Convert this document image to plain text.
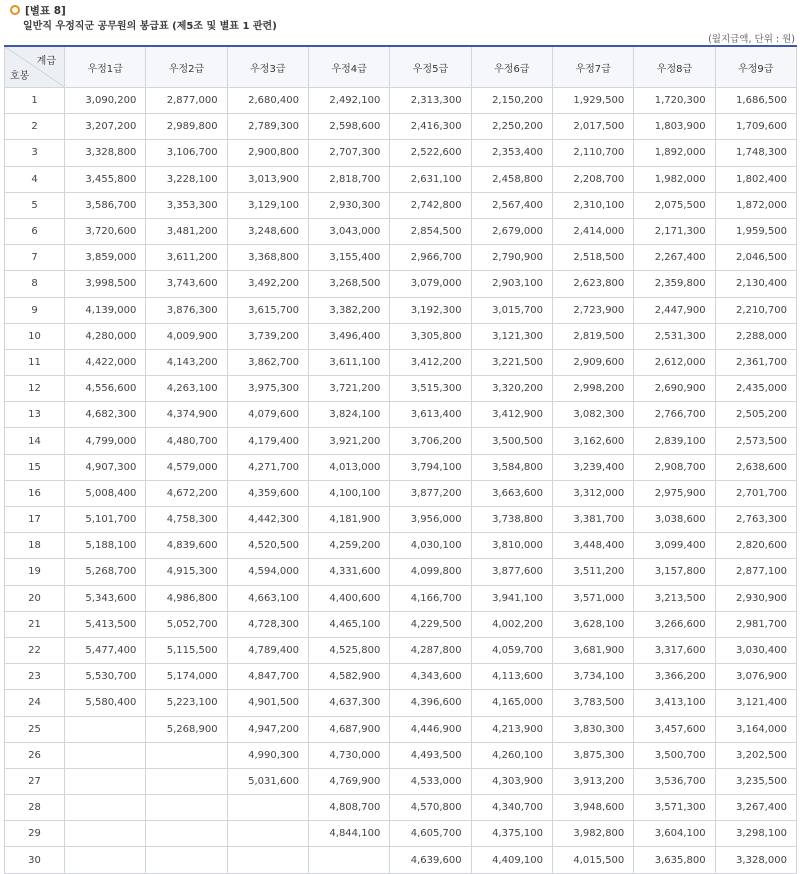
[별표 8]
일반직 우정직군 공무원의 봉급표 (제5조 및 별표 1 관련)
(월지급액, 단위 : 원)
계급
호봉	우정1급	우정2급	우정3급	우정4급	우정5급	우정6급	우정7급	우정8급	우정9급
1	3,090,200	2,877,000	2,680,400	2,492,100	2,313,300	2,150,200	1,929,500	1,720,300	1,686,500
2	3,207,200	2,989,800	2,789,300	2,598,600	2,416,300	2,250,200	2,017,500	1,803,900	1,709,600
3	3,328,800	3,106,700	2,900,800	2,707,300	2,522,600	2,353,400	2,110,700	1,892,000	1,748,300
4	3,455,800	3,228,100	3,013,900	2,818,700	2,631,100	2,458,800	2,208,700	1,982,000	1,802,400
5	3,586,700	3,353,300	3,129,100	2,930,300	2,742,800	2,567,400	2,310,100	2,075,500	1,872,000
6	3,720,600	3,481,200	3,248,600	3,043,000	2,854,500	2,679,000	2,414,000	2,171,300	1,959,500
7	3,859,000	3,611,200	3,368,800	3,155,400	2,966,700	2,790,900	2,518,500	2,267,400	2,046,500
8	3,998,500	3,743,600	3,492,200	3,268,500	3,079,000	2,903,100	2,623,800	2,359,800	2,130,400
9	4,139,000	3,876,300	3,615,700	3,382,200	3,192,300	3,015,700	2,723,900	2,447,900	2,210,700
10	4,280,000	4,009,900	3,739,200	3,496,400	3,305,800	3,121,300	2,819,500	2,531,300	2,288,000
11	4,422,000	4,143,200	3,862,700	3,611,100	3,412,200	3,221,500	2,909,600	2,612,000	2,361,700
12	4,556,600	4,263,100	3,975,300	3,721,200	3,515,300	3,320,200	2,998,200	2,690,900	2,435,000
13	4,682,300	4,374,900	4,079,600	3,824,100	3,613,400	3,412,900	3,082,300	2,766,700	2,505,200
14	4,799,000	4,480,700	4,179,400	3,921,200	3,706,200	3,500,500	3,162,600	2,839,100	2,573,500
15	4,907,300	4,579,000	4,271,700	4,013,000	3,794,100	3,584,800	3,239,400	2,908,700	2,638,600
16	5,008,400	4,672,200	4,359,600	4,100,100	3,877,200	3,663,600	3,312,000	2,975,900	2,701,700
17	5,101,700	4,758,300	4,442,300	4,181,900	3,956,000	3,738,800	3,381,700	3,038,600	2,763,300
18	5,188,100	4,839,600	4,520,500	4,259,200	4,030,100	3,810,000	3,448,400	3,099,400	2,820,600
19	5,268,700	4,915,300	4,594,000	4,331,600	4,099,800	3,877,600	3,511,200	3,157,800	2,877,100
20	5,343,600	4,986,800	4,663,100	4,400,600	4,166,700	3,941,100	3,571,000	3,213,500	2,930,900
21	5,413,500	5,052,700	4,728,300	4,465,100	4,229,500	4,002,200	3,628,100	3,266,600	2,981,700
22	5,477,400	5,115,500	4,789,400	4,525,800	4,287,800	4,059,700	3,681,900	3,317,600	3,030,400
23	5,530,700	5,174,000	4,847,700	4,582,900	4,343,600	4,113,600	3,734,100	3,366,200	3,076,900
24	5,580,400	5,223,100	4,901,500	4,637,300	4,396,600	4,165,000	3,783,500	3,413,100	3,121,400
25		5,268,900	4,947,200	4,687,900	4,446,900	4,213,900	3,830,300	3,457,600	3,164,000
26			4,990,300	4,730,000	4,493,500	4,260,100	3,875,300	3,500,700	3,202,500
27			5,031,600	4,769,900	4,533,000	4,303,900	3,913,200	3,536,700	3,235,500
28				4,808,700	4,570,800	4,340,700	3,948,600	3,571,300	3,267,400
29				4,844,100	4,605,700	4,375,100	3,982,800	3,604,100	3,298,100
30					4,639,600	4,409,100	4,015,500	3,635,800	3,328,000
